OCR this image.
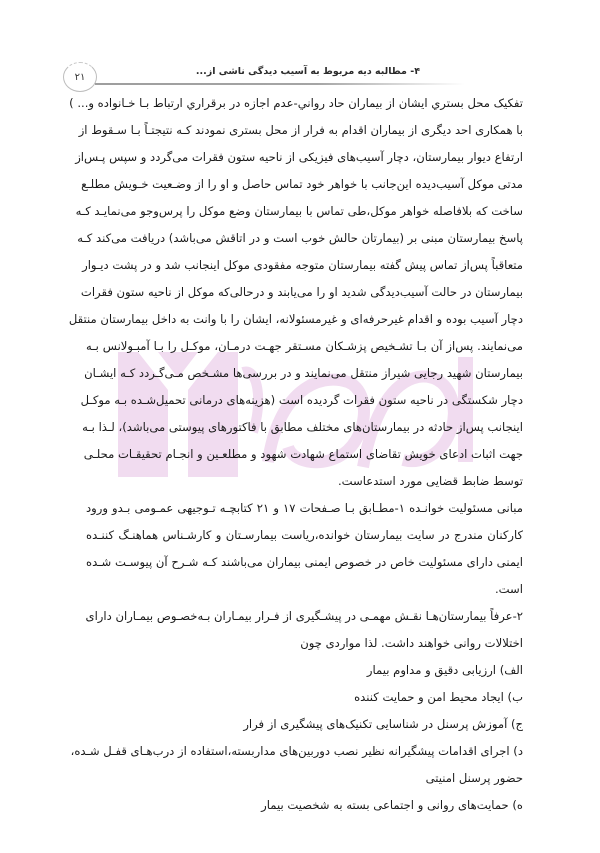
۲۱	۴- مطالبه دیه مربوط به آسیب دیدگی ناشی از...
تفکیک محل بستري ایشان از بیماران حاد رواني-عدم اجازه در برقراري ارتباط بـا خـانواده و... )
با همکاری احد دیگری از بیماران اقدام به فرار از محل بستری نمودند کـه نتیجتـاً بـا سـقوط از
ارتفاع دیوار بیمارستان، دچار آسیب‌های فیزیکی از ناحیه ستون فقرات می‌گردد و سپس پـس‌از
مدتی موکل آسیب‌دیده این‌جانب با خواهر خود تماس حاصل و او را از وضـعیت خـویش مطلـع
ساخت که بلافاصله خواهر موکل،طی تماس با بیمارستان وضع موکل را پرس‌وجو می‌نمایـد کـه
پاسخ بیمارستان مبنی بر (بیمارتان حالش خوب است و در اتاقش می‌باشد) دریافت می‌کند کـه
متعاقباً پس‌از تماس پیش گفته بیمارستان متوجه مفقودی موکل اینجانب شد و در پشت دیـوار
بیمارستان در حالت آسیب‌دیدگی شدید او را می‌یابند و درحالی‌که موکل از ناحیه ستون فقرات
دچار آسیب بوده و اقدام غیرحرفه‌ای و غیرمسئولانه، ایشان را با وانت به داخل بیمارستان منتقل
می‌نمایند. پس‌از آن بـا تشـخیص پزشـکان مسـتقر جهـت درمـان، موکـل را بـا آمبـولانس بـه
بیمارستان شهید رجایی شیراز منتقل می‌نمایند و در بررسی‌ها مشـخص مـی‌گـردد کـه ایشـان
دچار شکستگی در ناحیه ستون فقرات گردیده است (هزینه‌های درمانی تحمیل‌شـده بـه موکـل
اینجانب پس‌از حادثه در بیمارستان‌های مختلف مطابق با فاکتورهای پیوستی می‌باشد)، لـذا بـه
جهت اثبات ادعای خویش تقاضای استماع شهادت شهود و مطلعـین و انجـام تحقیقـات محلـی
توسط ضابط قضایی مورد استدعاست.
مبانی مسئولیت خوانـده ۱-مطـابق بـا صـفحات ۱۷ و ۲۱ کتابچـه تـوجیهی عمـومی بـدو ورود
کارکنان مندرج در سایت بیمارستان خوانده،ریاست بیمارسـتان و کارشـناس هماهنـگ کننـده
ایمنی دارای مسئولیت خاص در خصوص ایمنی بیماران می‌باشند کـه شـرح آن پیوسـت شـده
است.
۲-عرفاً بیمارستان‌هـا نقـش مهمـی در پیشـگیری از فـرار بیمـاران بـه‌خصـوص بیمـاران دارای
اختلالات روانی خواهند داشت. لذا مواردی چون
الف) ارزیابی دقیق و مداوم بیمار
ب) ایجاد محیط امن و حمایت کننده
ج) آموزش پرسنل در شناسایی تکنیک‌های پیشگیری از فرار
د) اجرای اقدامات پیشگیرانه نظیر نصب دوربین‌های مداربسته،استفاده از درب‌هـای قفـل شـده،
حضور پرسنل امنیتی
ه) حمایت‌های روانی و اجتماعی بسته به شخصیت بیمار
